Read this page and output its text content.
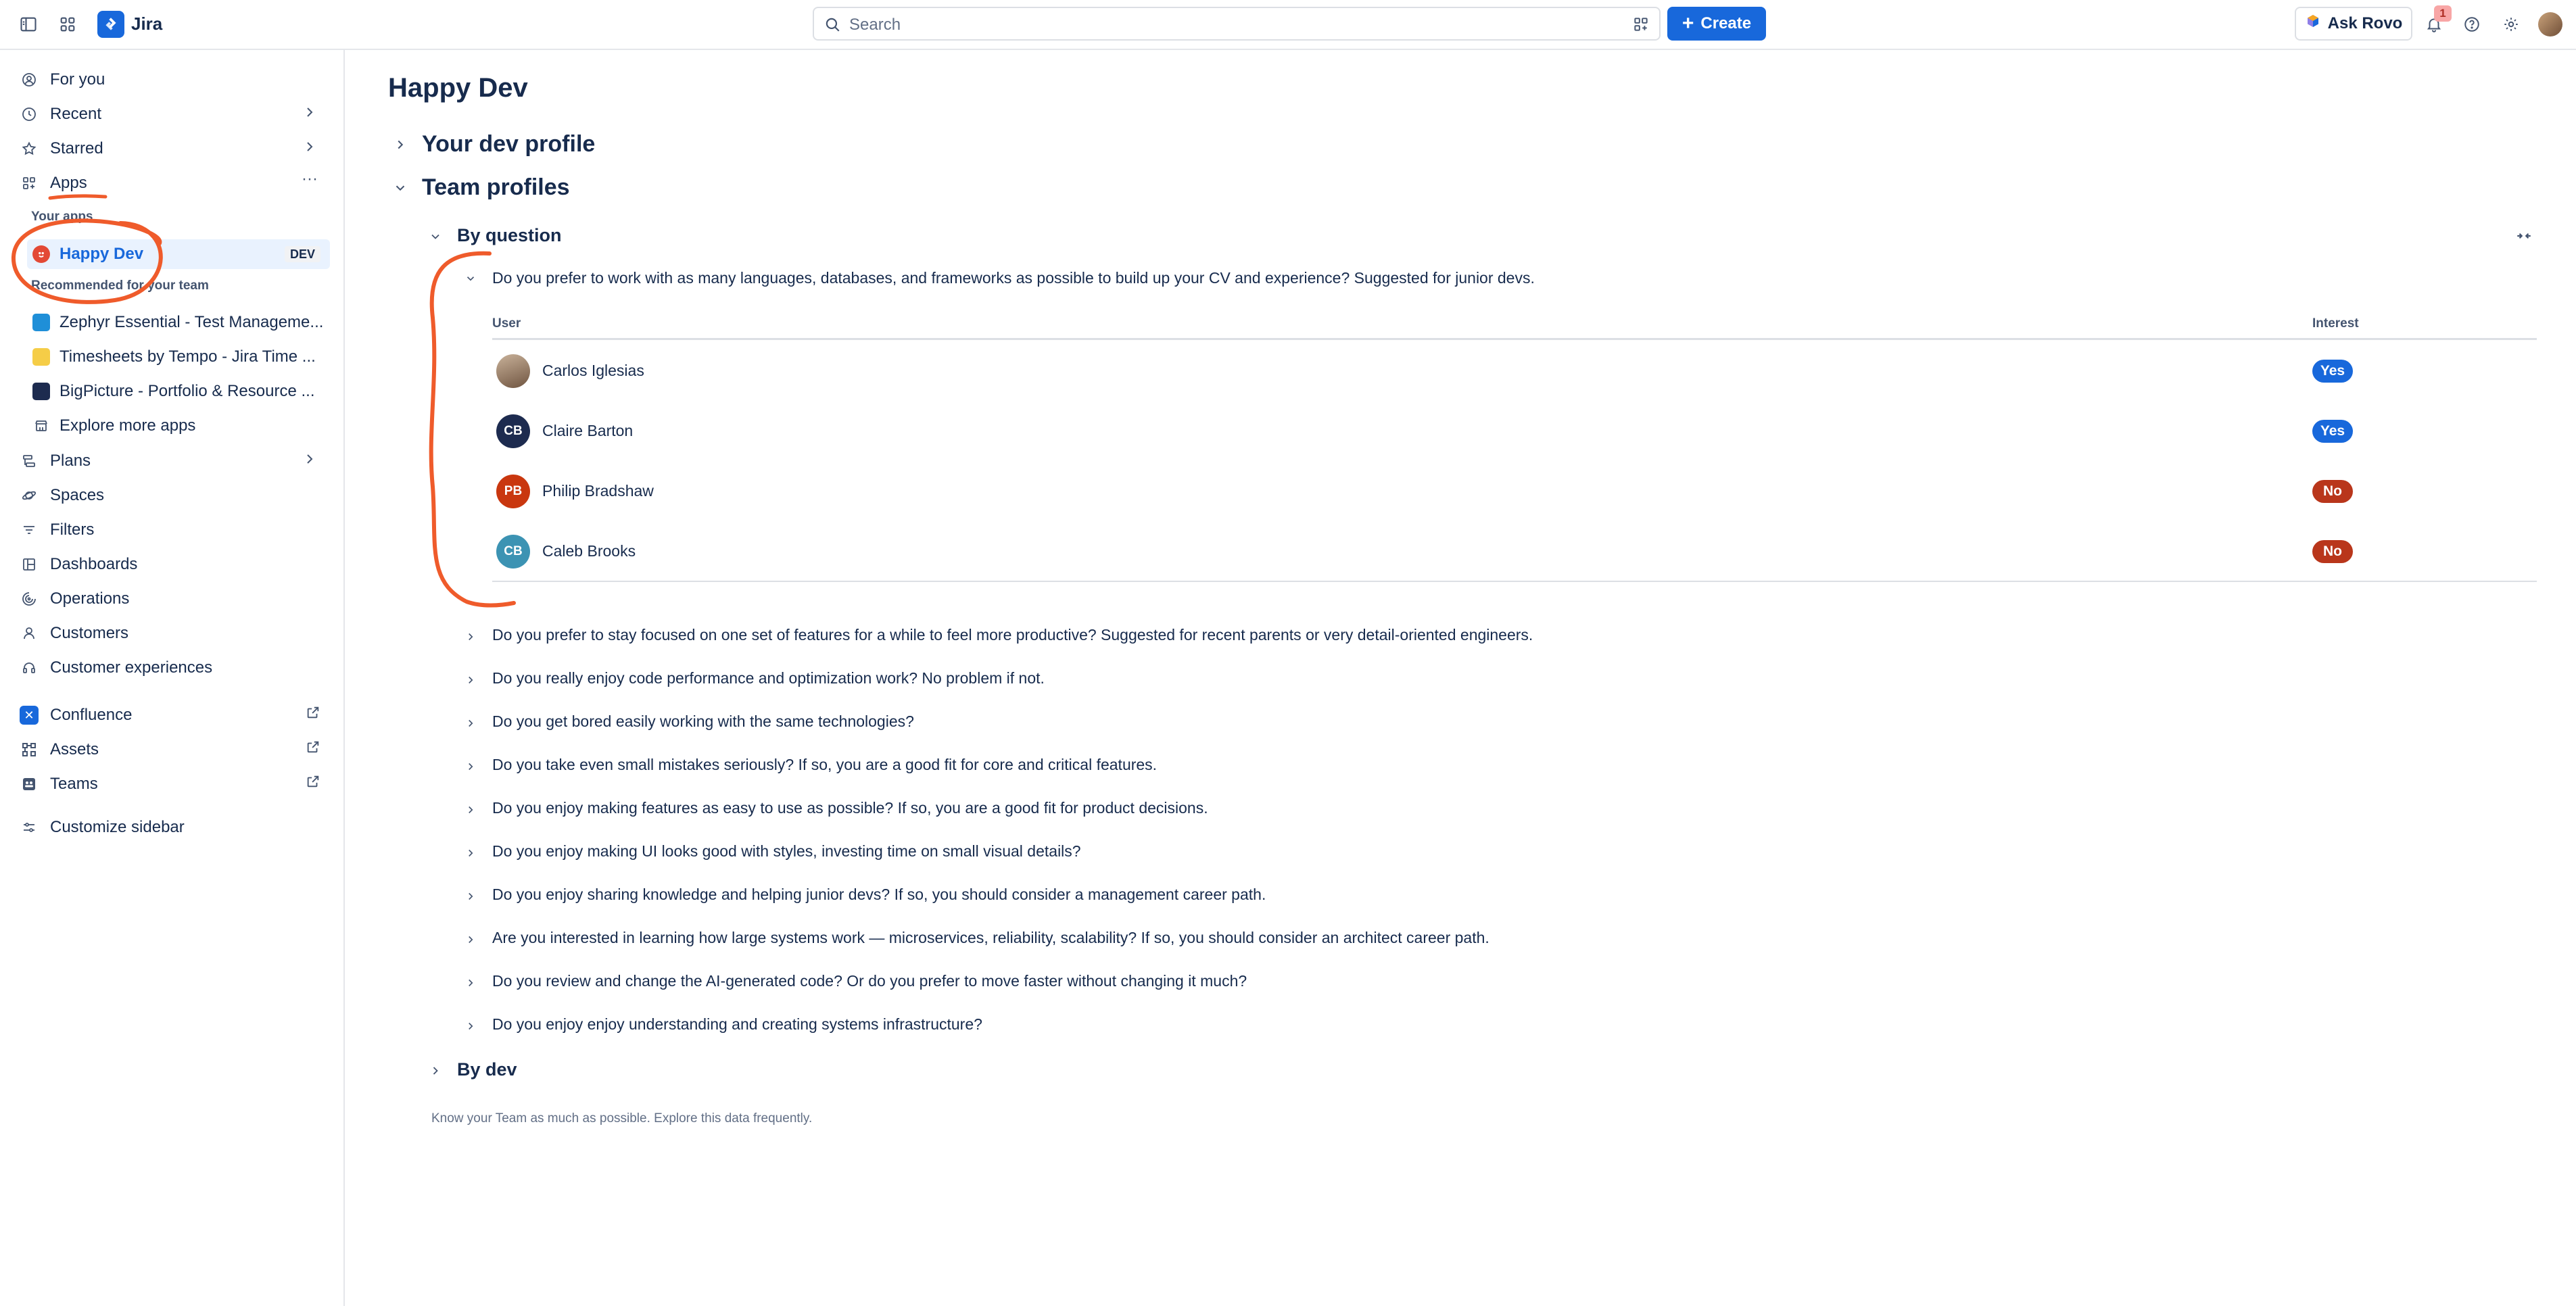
Jira	Search	+ Create	Ask Rovo
1
For you
Recent
Starred
Apps	···
Your apps
Happy Dev	DEV
Recommended for your team
Zephyr Essential - Test Manageme...
Timesheets by Tempo - Jira Time ...
BigPicture - Portfolio & Resource ...
Explore more apps
Plans
Spaces
Filters
Dashboards
Operations
Customers
Customer experiences
✕ Confluence
Assets
Teams
Customize sidebar
Happy Dev
Your dev profile
Team profiles
By question
Do you prefer to work with as many languages, databases, and frameworks as possible to build up your CV and experience? Suggested for junior devs.
User	Interest
Carlos Iglesias	Yes
CB	Claire Barton	Yes
PB	Philip Bradshaw	No
CB	Caleb Brooks	No
Do you prefer to stay focused on one set of features for a while to feel more productive? Suggested for recent parents or very detail-oriented engineers.
Do you really enjoy code performance and optimization work? No problem if not.
Do you get bored easily working with the same technologies?
Do you take even small mistakes seriously? If so, you are a good fit for core and critical features.
Do you enjoy making features as easy to use as possible? If so, you are a good fit for product decisions.
Do you enjoy making UI looks good with styles, investing time on small visual details?
Do you enjoy sharing knowledge and helping junior devs? If so, you should consider a management career path.
Are you interested in learning how large systems work — microservices, reliability, scalability? If so, you should consider an architect career path.
Do you review and change the AI-generated code? Or do you prefer to move faster without changing it much?
Do you enjoy enjoy understanding and creating systems infrastructure?
By dev
Know your Team as much as possible. Explore this data frequently.
